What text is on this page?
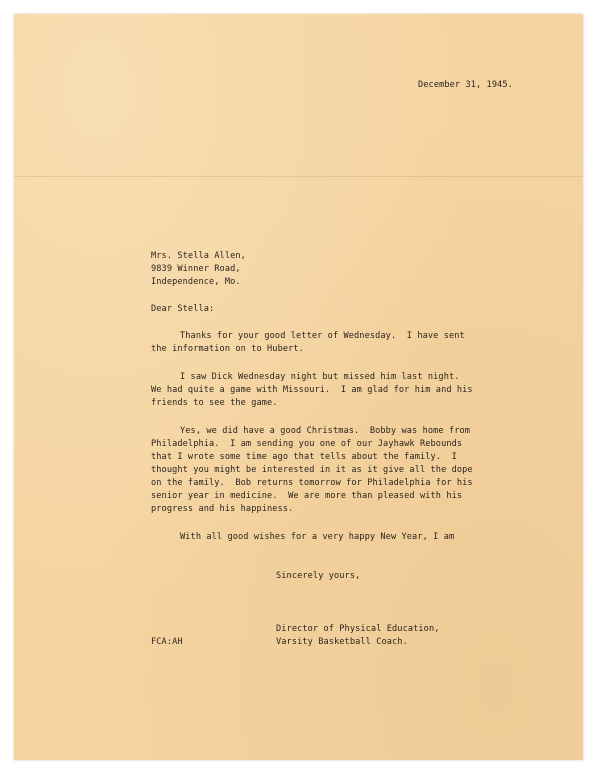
December 31, 1945.
Mrs. Stella Allen,
9839 Winner Road,
Independence, Mo.
Dear Stella:
Thanks for your good letter of Wednesday.  I have sent
the information on to Hubert.
I saw Dick Wednesday night but missed him last night.
We had quite a game with Missouri.  I am glad for him and his
friends to see the game.
Yes, we did have a good Christmas.  Bobby was home from
Philadelphia.  I am sending you one of our Jayhawk Rebounds
that I wrote some time ago that tells about the family.  I
thought you might be interested in it as it give all the dope
on the family.  Bob returns tomorrow for Philadelphia for his
senior year in medicine.  We are more than pleased with his
progress and his happiness.
With all good wishes for a very happy New Year, I am
Sincerely yours,
Director of Physical Education,
Varsity Basketball Coach.
FCA:AH
